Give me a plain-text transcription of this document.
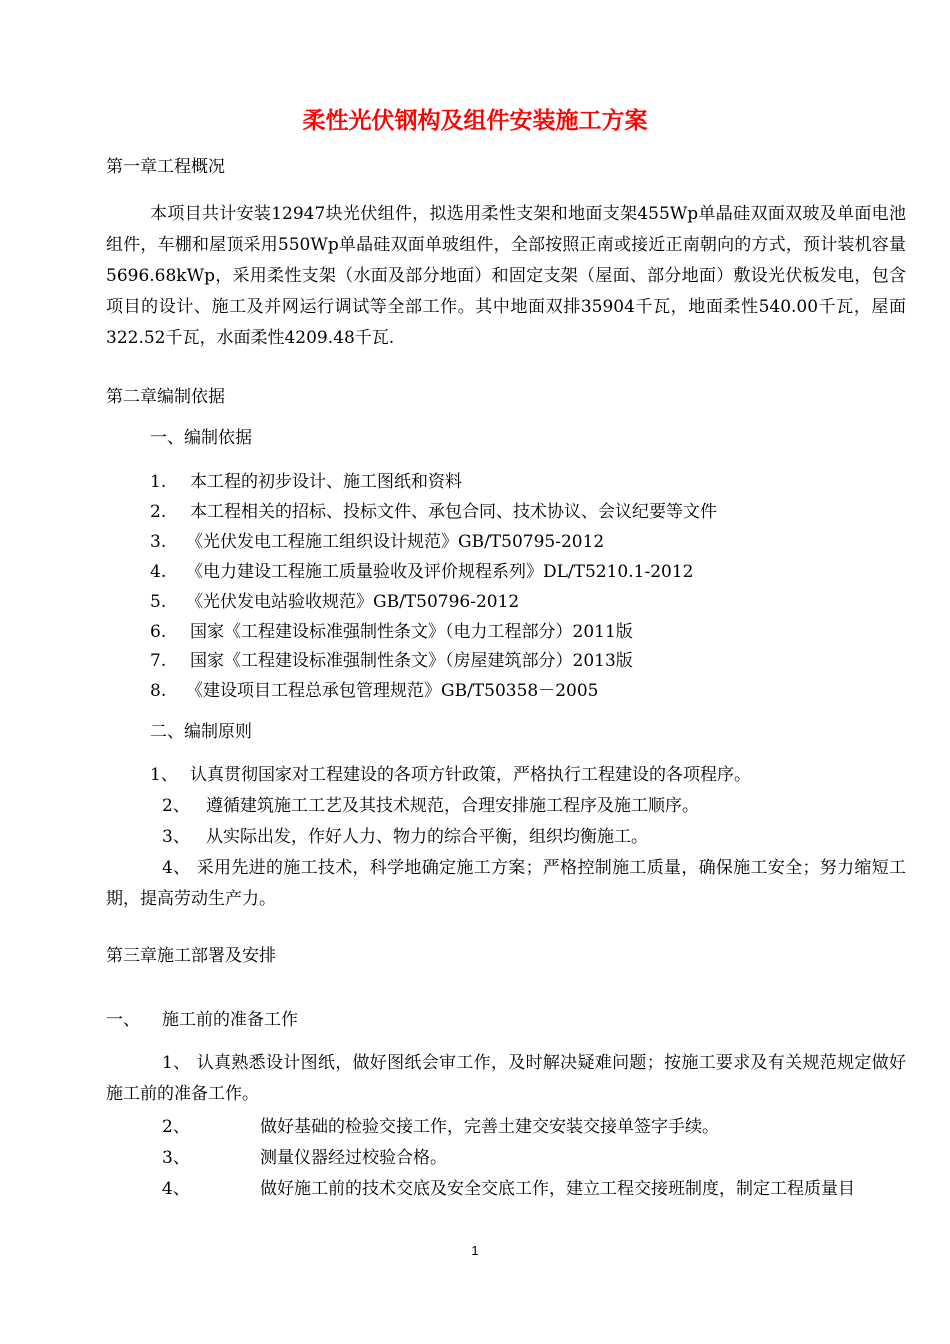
柔性光伏钢构及组件安装施工方案
第一章工程概况
本项目共计安装12947块光伏组件，拟选用柔性支架和地面支架455Wp单晶硅双面双玻及单面电池组件，车棚和屋顶采用550Wp单晶硅双面单玻组件，全部按照正南或接近正南朝向的方式，预计装机容量5696.68kWp，采用柔性支架（水面及部分地面）和固定支架（屋面、部分地面）敷设光伏板发电，包含项目的设计、施工及并网运行调试等全部工作。其中地面双排35904千瓦，地面柔性540.00千瓦，屋面322.52千瓦，水面柔性4209.48千瓦.
第二章编制依据
一、编制依据
1. 本工程的初步设计、施工图纸和资料
2. 本工程相关的招标、投标文件、承包合同、技术协议、会议纪要等文件
3. 《光伏发电工程施工组织设计规范》GB/T50795-2012
4. 《电力建设工程施工质量验收及评价规程系列》DL/T5210.1-2012
5. 《光伏发电站验收规范》GB/T50796-2012
6. 国家《工程建设标准强制性条文》（电力工程部分）2011版
7. 国家《工程建设标准强制性条文》（房屋建筑部分）2013版
8. 《建设项目工程总承包管理规范》GB/T50358－2005
二、编制原则
1、 认真贯彻国家对工程建设的各项方针政策，严格执行工程建设的各项程序。
2、 遵循建筑施工工艺及其技术规范，合理安排施工程序及施工顺序。
3、 从实际出发，作好人力、物力的综合平衡，组织均衡施工。
4、 采用先进的施工技术，科学地确定施工方案；严格控制施工质量，确保施工安全；努力缩短工期，提高劳动生产力。
第三章施工部署及安排
一、 施工前的准备工作
1、 认真熟悉设计图纸，做好图纸会审工作，及时解决疑难问题；按施工要求及有关规范规定做好施工前的准备工作。
2、	做好基础的检验交接工作，完善土建交安装交接单签字手续。
3、	测量仪器经过校验合格。
4、	做好施工前的技术交底及安全交底工作，建立工程交接班制度，制定工程质量目
1
